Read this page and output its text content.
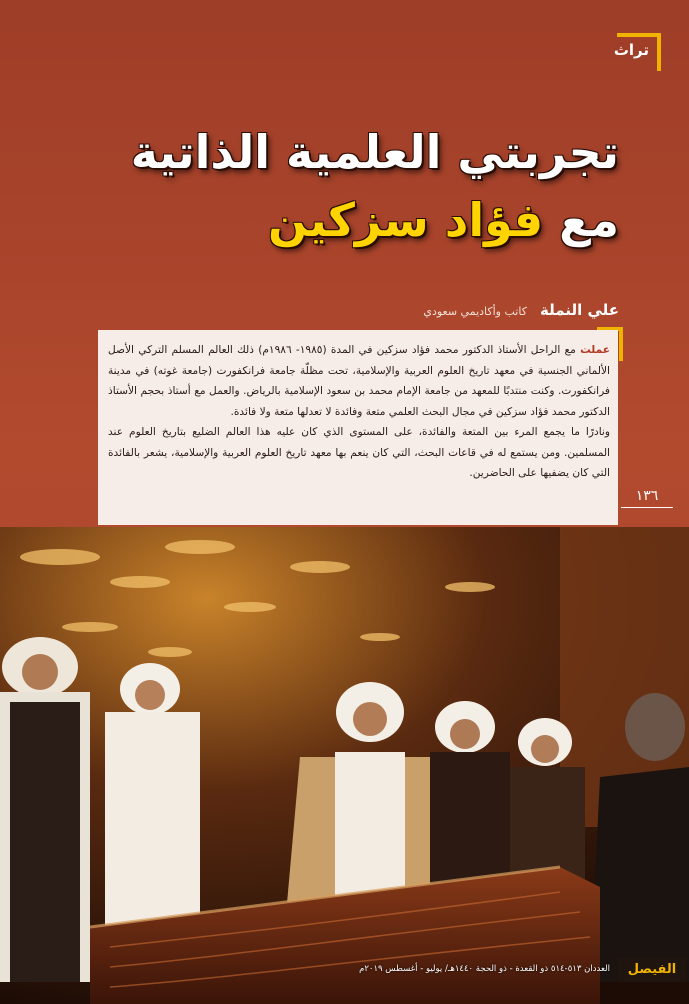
تراث
تجربتي العلمية الذاتية
مع فؤاد سزكين
علي النملة كاتب وأكاديمي سعودي

عملت مع الراحل الأستاذ الدكتور محمد فؤاد سزكين في المدة (١٩٨٥- ١٩٨٦م) ذلك العالم المسلم التركي الأصل الألماني الجنسية في معهد تاريخ العلوم العربية والإسلامية، تحت مظلّة جامعة فرانكفورت (جامعة غوته) في مدينة فرانكفورت. وكنت منتدبًا للمعهد من جامعة الإمام محمد بن سعود الإسلامية بالرياض. والعمل مع أستاذ بحجم الأستاذ الدكتور محمد فؤاد سزكين في مجال البحث العلمي متعة وفائدة لا تعدلها متعة ولا فائدة.

ونادرًا ما يجمع المرء بين المتعة والفائدة، على المستوى الذي كان عليه هذا العالم الضليع بتاريخ العلوم عند المسلمين. ومن يستمع له في قاعات البحث، التي كان ينعم بها معهد تاريخ العلوم العربية والإسلامية، يشعر بالفائدة التي كان يضفيها على الحاضرين.

١٣٦
العددان ٥١٣-٥١٤ ذو القعدة - ذو الحجة ١٤٤٠هـ/ يوليو - أغسطس ٢٠١٩م	الفيصل
